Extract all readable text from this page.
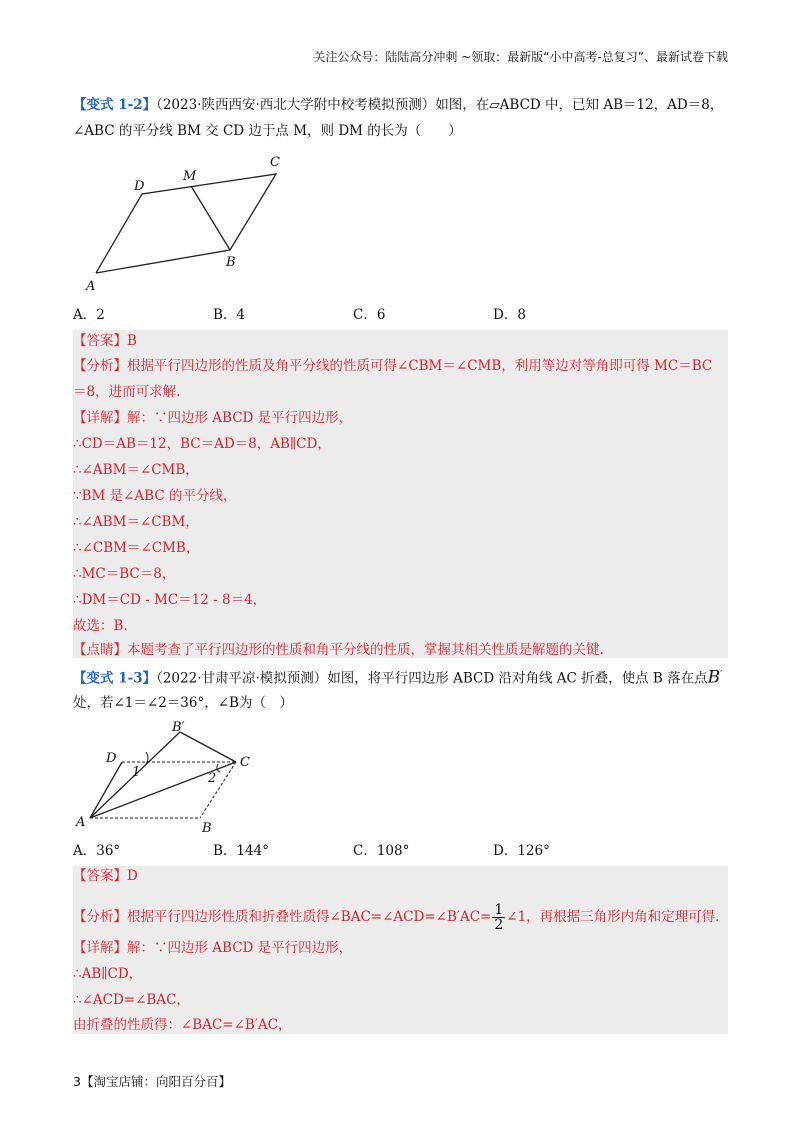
关注公众号：陆陆高分冲刺 ~领取：最新版“小中高考-总复习”、最新试卷下载
【变式 1-2】（2023·陕西西安·西北大学附中校考模拟预测）如图，在▱ABCD 中，已知 AB＝12，AD＝8，
∠ABC 的平分线 BM 交 CD 边于点 M，则 DM 的长为（　　）
A
B
C
D
M
A．2	B．4	C．6	D．8
【答案】B
【分析】根据平行四边形的性质及角平分线的性质可得∠CBM＝∠CMB，利用等边对等角即可得 MC＝BC
＝8，进而可求解.
【详解】解：∵四边形 ABCD 是平行四边形，
∴CD＝AB＝12，BC＝AD＝8，AB∥CD，
∴∠ABM＝∠CMB，
∵BM 是∠ABC 的平分线，
∴∠ABM＝∠CBM，
∴∠CBM＝∠CMB，
∴MC＝BC＝8，
∴DM＝CD - MC＝12 - 8＝4，
故选：B.
【点睛】本题考查了平行四边形的性质和角平分线的性质，掌握其相关性质是解题的关键.
【变式 1-3】（2022·甘肃平凉·模拟预测）如图，将平行四边形 ABCD 沿对角线 AC 折叠，使点 B 落在点B′
处，若∠1＝∠2＝36°，∠B为（　）
A	B
C
D
B′
1	2
A．36°	B．144°	C．108°	D．126°
【答案】D
【分析】根据平行四边形性质和折叠性质得∠BAC=∠ACD=∠B′AC= $\frac{1}{2}$ ∠1，再根据三角形内角和定理可得.
【详解】解：∵四边形 ABCD 是平行四边形，
∴AB∥CD，
∴∠ACD=∠BAC，
由折叠的性质得：∠BAC=∠B′AC，
3【淘宝店铺：向阳百分百】
